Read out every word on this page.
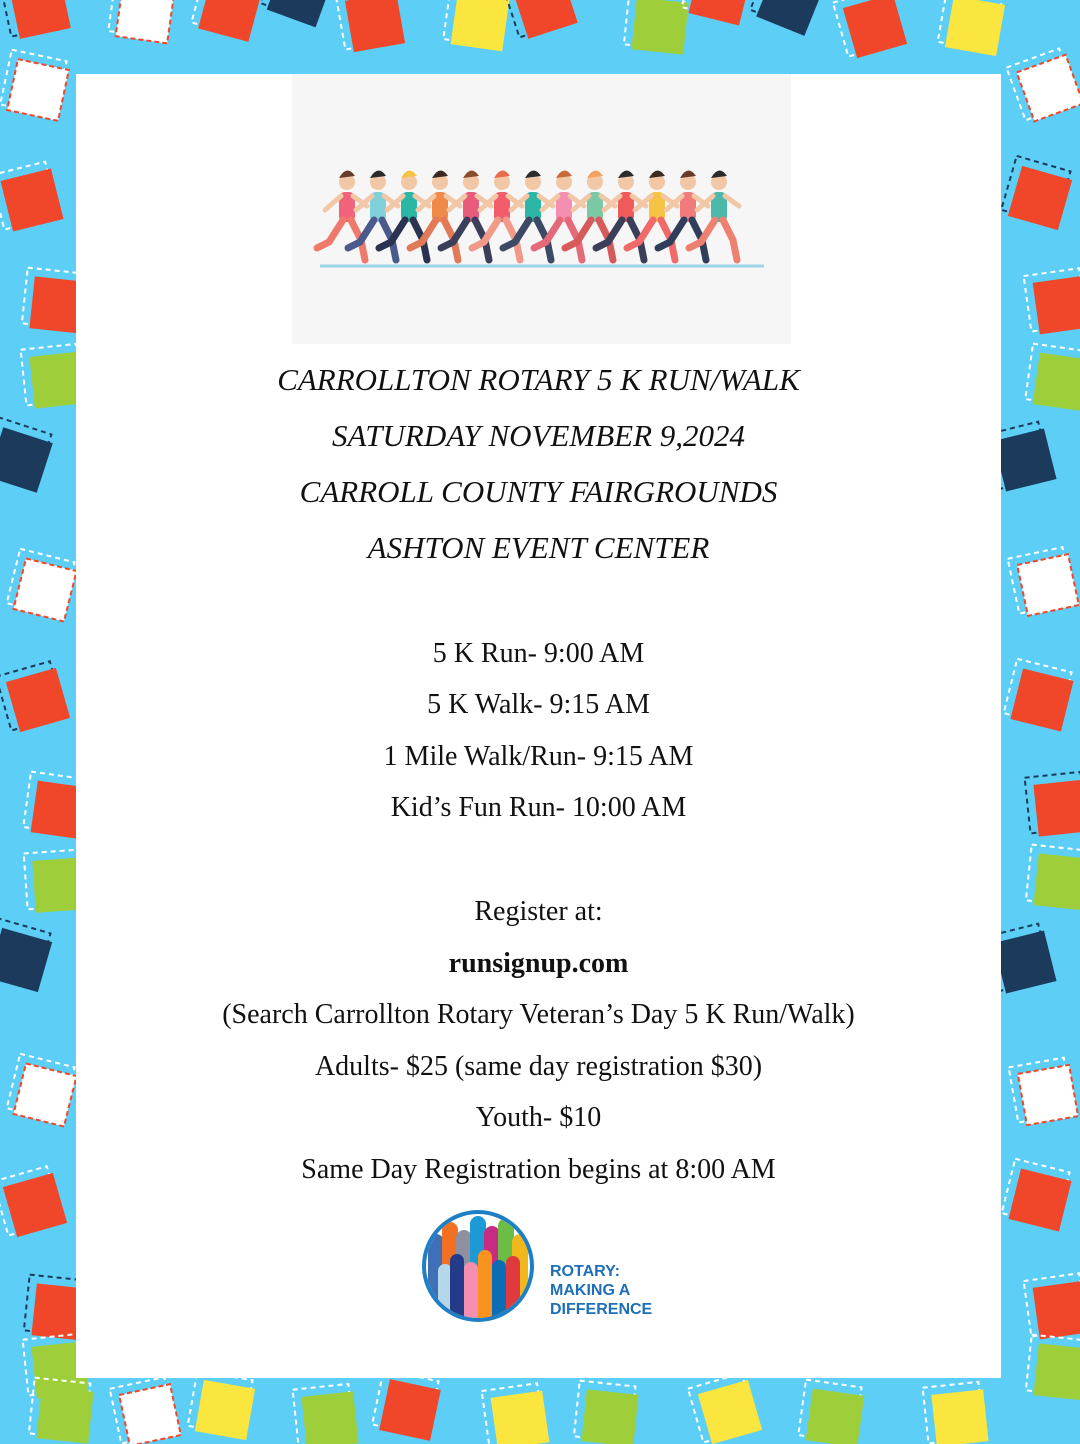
CARROLLTON ROTARY 5 K RUN/WALK
SATURDAY NOVEMBER 9,2024
CARROLL COUNTY FAIRGROUNDS
ASHTON EVENT CENTER
5 K Run- 9:00 AM
5 K Walk- 9:15 AM
1 Mile Walk/Run- 9:15 AM
Kid’s Fun Run- 10:00 AM
Register at:
runsignup.com
(Search Carrollton Rotary Veteran’s Day 5 K Run/Walk)
Adults- $25 (same day registration $30)
Youth- $10
Same Day Registration begins at 8:00 AM
ROTARY:
MAKING A
DIFFERENCE
